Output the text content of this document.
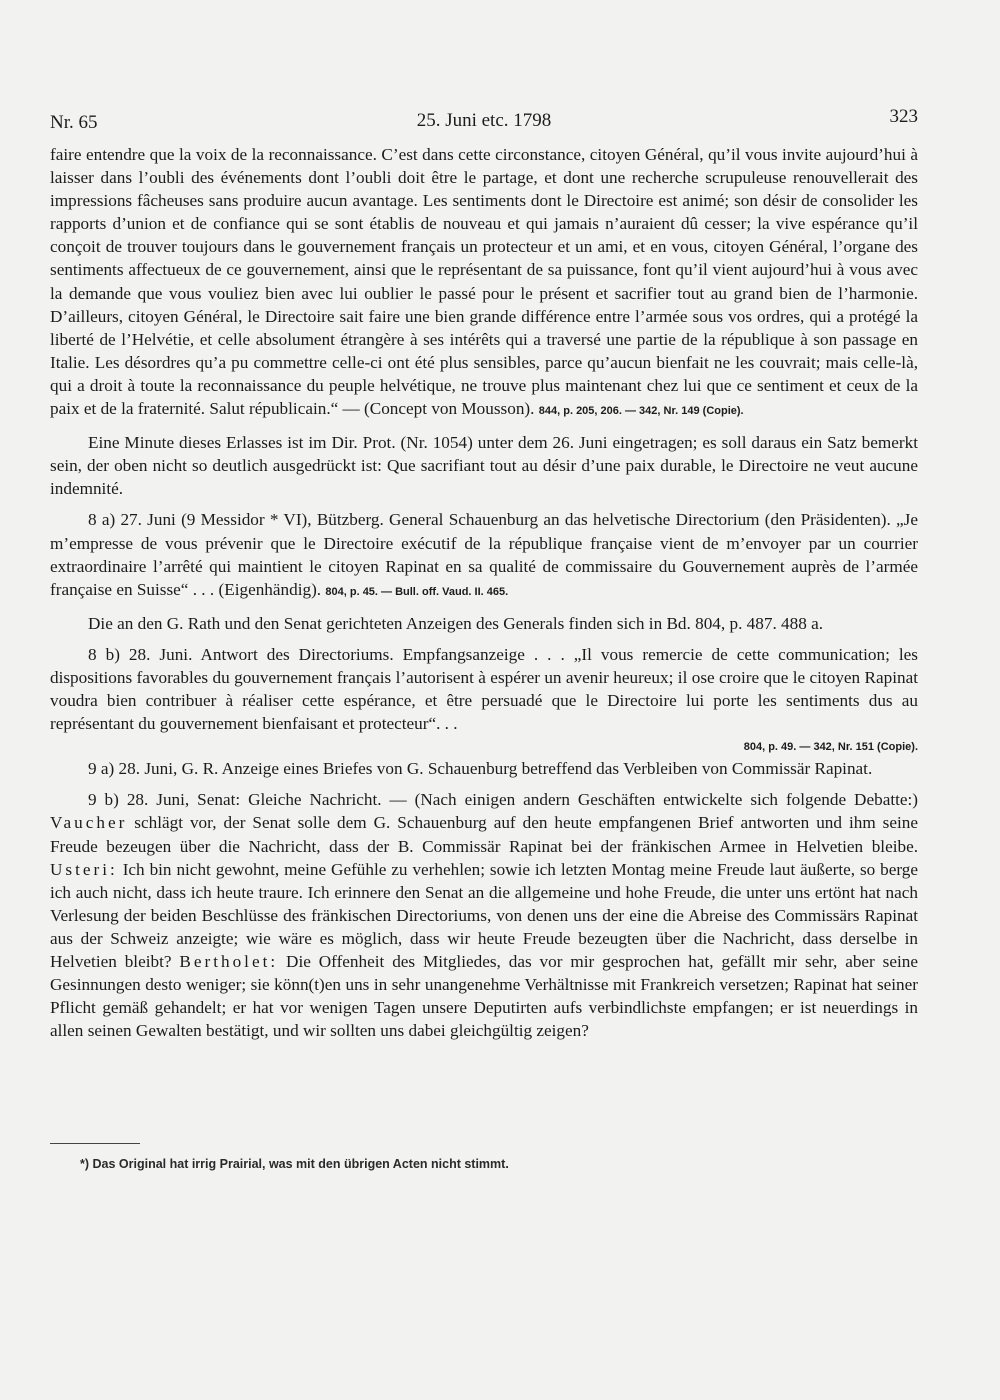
Nr. 65	25. Juni etc. 1798	323

faire entendre que la voix de la reconnaissance. C’est dans cette circonstance, citoyen Général, qu’il vous invite aujourd’hui à laisser dans l’oubli des événements dont l’oubli doit être le partage, et dont une recherche scrupuleuse renouvellerait des impressions fâcheuses sans produire aucun avantage. Les sentiments dont le Directoire est animé; son désir de consolider les rapports d’union et de confiance qui se sont établis de nouveau et qui jamais n’auraient dû cesser; la vive espérance qu’il conçoit de trouver toujours dans le gouvernement français un protecteur et un ami, et en vous, citoyen Général, l’organe des sentiments affectueux de ce gouvernement, ainsi que le représentant de sa puissance, font qu’il vient aujourd’hui à vous avec la demande que vous vouliez bien avec lui oublier le passé pour le présent et sacrifier tout au grand bien de l’harmonie. D’ailleurs, citoyen Général, le Directoire sait faire une bien grande différence entre l’armée sous vos ordres, qui a protégé la liberté de l’Helvétie, et celle absolument étrangère à ses intérêts qui a traversé une partie de la république à son passage en Italie. Les désordres qu’a pu commettre celle-ci ont été plus sensibles, parce qu’aucun bienfait ne les couvrait; mais celle-là, qui a droit à toute la reconnaissance du peuple helvétique, ne trouve plus maintenant chez lui que ce sentiment et ceux de la paix et de la fraternité. Salut républicain.“ — (Concept von Mousson). 844, p. 205, 206. — 342, Nr. 149 (Copie).

Eine Minute dieses Erlasses ist im Dir. Prot. (Nr. 1054) unter dem 26. Juni eingetragen; es soll daraus ein Satz bemerkt sein, der oben nicht so deutlich ausgedrückt ist: Que sacrifiant tout au désir d’une paix durable, le Directoire ne veut aucune indemnité.

8 a) 27. Juni (9 Messidor * VI), Bützberg. General Schauenburg an das helvetische Directorium (den Präsidenten). „Je m’empresse de vous prévenir que le Directoire exécutif de la république française vient de m’envoyer par un courrier extraordinaire l’arrêté qui maintient le citoyen Rapinat en sa qualité de commissaire du Gouvernement auprès de l’armée française en Suisse“ . . . (Eigenhändig). 804, p. 45. — Bull. off. Vaud. II. 465.

Die an den G. Rath und den Senat gerichteten Anzeigen des Generals finden sich in Bd. 804, p. 487. 488 a.

8 b) 28. Juni. Antwort des Directoriums. Empfangsanzeige . . . „Il vous remercie de cette communication; les dispositions favorables du gouvernement français l’autorisent à espérer un avenir heureux; il ose croire que le citoyen Rapinat voudra bien contribuer à réaliser cette espérance, et être persuadé que le Directoire lui porte les sentiments dus au représentant du gouvernement bienfaisant et protecteur“. . .

804, p. 49. — 342, Nr. 151 (Copie).

9 a) 28. Juni, G. R. Anzeige eines Briefes von G. Schauenburg betreffend das Verbleiben von Commissär Rapinat.

9 b) 28. Juni, Senat: Gleiche Nachricht. — (Nach einigen andern Geschäften entwickelte sich folgende Debatte:) Vaucher schlägt vor, der Senat solle dem G. Schauenburg auf den heute empfangenen Brief antworten und ihm seine Freude bezeugen über die Nachricht, dass der B. Commissär Rapinat bei der fränkischen Armee in Helvetien bleibe. Usteri: Ich bin nicht gewohnt, meine Gefühle zu verhehlen; sowie ich letzten Montag meine Freude laut äußerte, so berge ich auch nicht, dass ich heute traure. Ich erinnere den Senat an die allgemeine und hohe Freude, die unter uns ertönt hat nach Verlesung der beiden Beschlüsse des fränkischen Directoriums, von denen uns der eine die Abreise des Commissärs Rapinat aus der Schweiz anzeigte; wie wäre es möglich, dass wir heute Freude bezeugten über die Nachricht, dass derselbe in Helvetien bleibt? Bertholet: Die Offenheit des Mitgliedes, das vor mir gesprochen hat, gefällt mir sehr, aber seine Gesinnungen desto weniger; sie könn(t)en uns in sehr unangenehme Verhältnisse mit Frankreich versetzen; Rapinat hat seiner Pflicht gemäß gehandelt; er hat vor wenigen Tagen unsere Deputirten aufs verbindlichste empfangen; er ist neuerdings in allen seinen Gewalten bestätigt, und wir sollten uns dabei gleichgültig zeigen?

*) Das Original hat irrig Prairial, was mit den übrigen Acten nicht stimmt.
